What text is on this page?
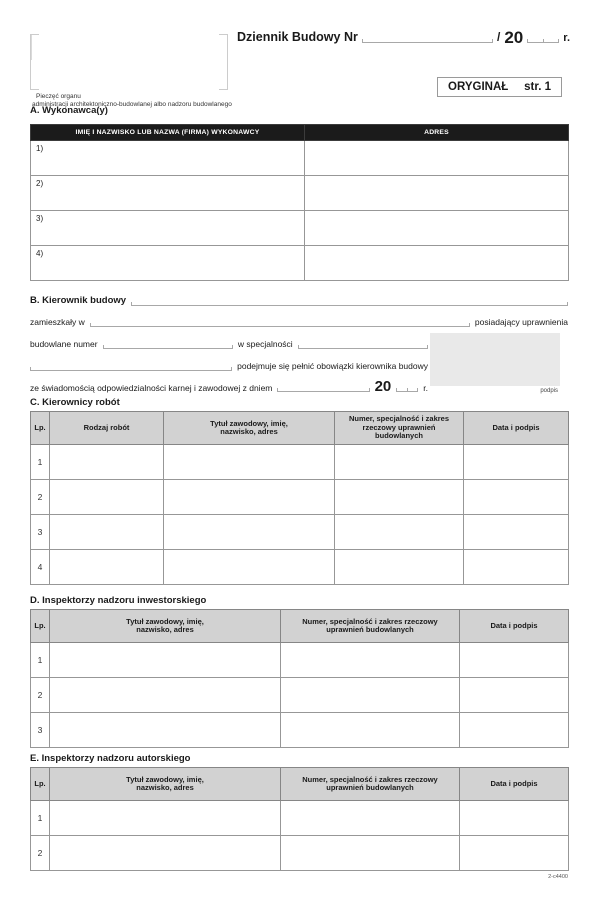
Pieczęć organu
administracji architektoniczno-budowlanej albo nadzoru budowlanego
Dziennik Budowy Nr	/ 20	r.
ORYGINAŁ str. 1
A. Wykonawca(y)
IMIĘ I NAZWISKO LUB NAZWA (FIRMA) WYKONAWCY	ADRES
1)	
2)	
3)	
4)	
B. Kierownik budowy
zamieszkały w	posiadający uprawnienia
budowlane numer	w specjalności
podejmuje się pełnić obowiązki kierownika budowy
ze świadomością odpowiedzialności karnej i zawodowej z dniem	20	r.	podpis
C. Kierownicy robót
Lp.	Rodzaj robót	Tytuł zawodowy, imię, nazwisko, adres	Numer, specjalność i zakres rzeczowy uprawnień budowlanych	Data i podpis
1				
2				
3				
4				
D. Inspektorzy nadzoru inwestorskiego
Lp.	Tytuł zawodowy, imię, nazwisko, adres	Numer, specjalność i zakres rzeczowy uprawnień budowlanych	Data i podpis
1			
2			
3			
E. Inspektorzy nadzoru autorskiego
Lp.	Tytuł zawodowy, imię, nazwisko, adres	Numer, specjalność i zakres rzeczowy uprawnień budowlanych	Data i podpis
1			
2			
2-c4400
